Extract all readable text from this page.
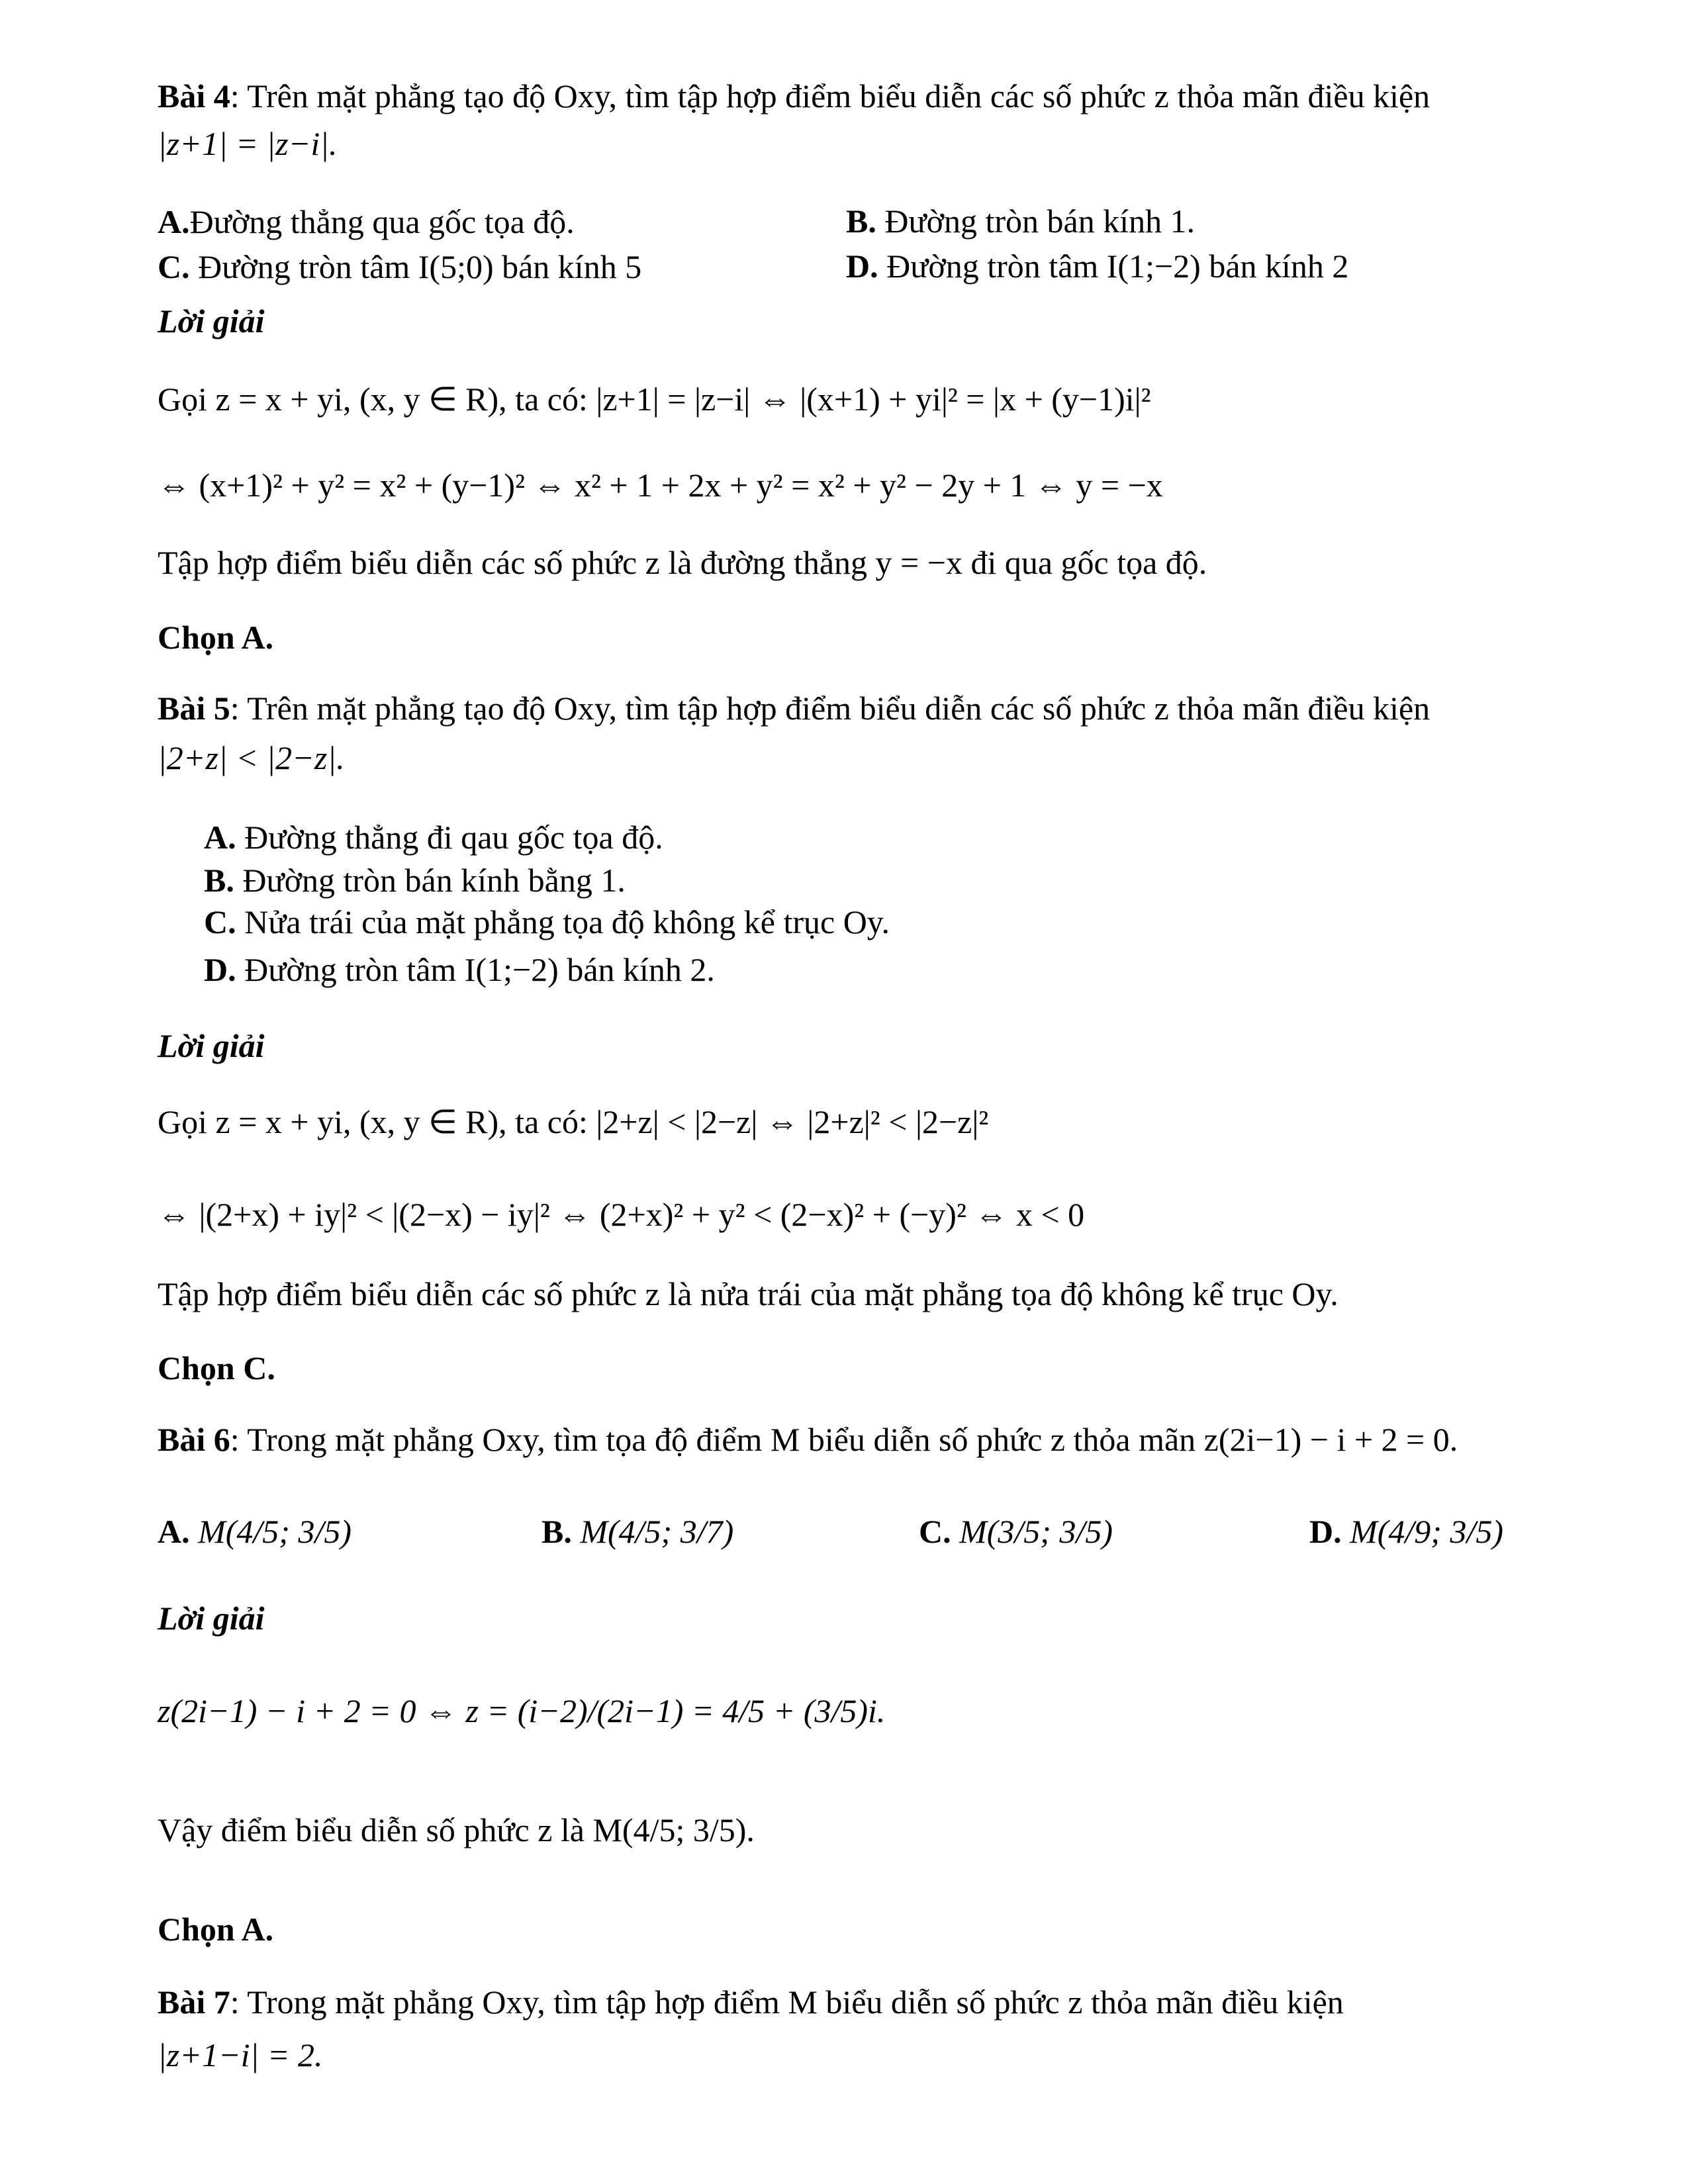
Bài 4: Trên mặt phẳng tạo độ Oxy, tìm tập hợp điểm biểu diễn các số phức z thỏa mãn điều kiện
|z+1| = |z−i|.
A.Đường thẳng qua gốc tọa độ.	B. Đường tròn bán kính 1.
C. Đường tròn tâm I(5;0) bán kính 5	D. Đường tròn tâm I(1;−2) bán kính 2
Lời giải
Gọi z = x + yi, (x, y ∈ R), ta có: |z+1| = |z−i| ⇔ |(x+1) + yi|² = |x + (y−1)i|²
⇔ (x+1)² + y² = x² + (y−1)² ⇔ x² + 1 + 2x + y² = x² + y² − 2y + 1 ⇔ y = −x
Tập hợp điểm biểu diễn các số phức z là đường thẳng y = −x đi qua gốc tọa độ.
Chọn A.
Bài 5: Trên mặt phẳng tạo độ Oxy, tìm tập hợp điểm biểu diễn các số phức z thỏa mãn điều kiện
|2+z| < |2−z|.
A. Đường thẳng đi qau gốc tọa độ.
B. Đường tròn bán kính bằng 1.
C. Nửa trái của mặt phẳng tọa độ không kể trục Oy.
D. Đường tròn tâm I(1;−2) bán kính 2.
Lời giải
Gọi z = x + yi, (x, y ∈ R), ta có: |2+z| < |2−z| ⇔ |2+z|² < |2−z|²
⇔ |(2+x) + iy|² < |(2−x) − iy|² ⇔ (2+x)² + y² < (2−x)² + (−y)² ⇔ x < 0
Tập hợp điểm biểu diễn các số phức z là nửa trái của mặt phẳng tọa độ không kể trục Oy.
Chọn C.
Bài 6: Trong mặt phẳng Oxy, tìm tọa độ điểm M biểu diễn số phức z thỏa mãn z(2i−1) − i + 2 = 0.
A. M(4/5; 3/5)	B. M(4/5; 3/7)	C. M(3/5; 3/5)	D. M(4/9; 3/5)
Lời giải
z(2i−1) − i + 2 = 0 ⇔ z = (i−2)/(2i−1) = 4/5 + (3/5)i.
Vậy điểm biểu diễn số phức z là M(4/5; 3/5).
Chọn A.
Bài 7: Trong mặt phẳng Oxy, tìm tập hợp điểm M biểu diễn số phức z thỏa mãn điều kiện
|z+1−i| = 2.
